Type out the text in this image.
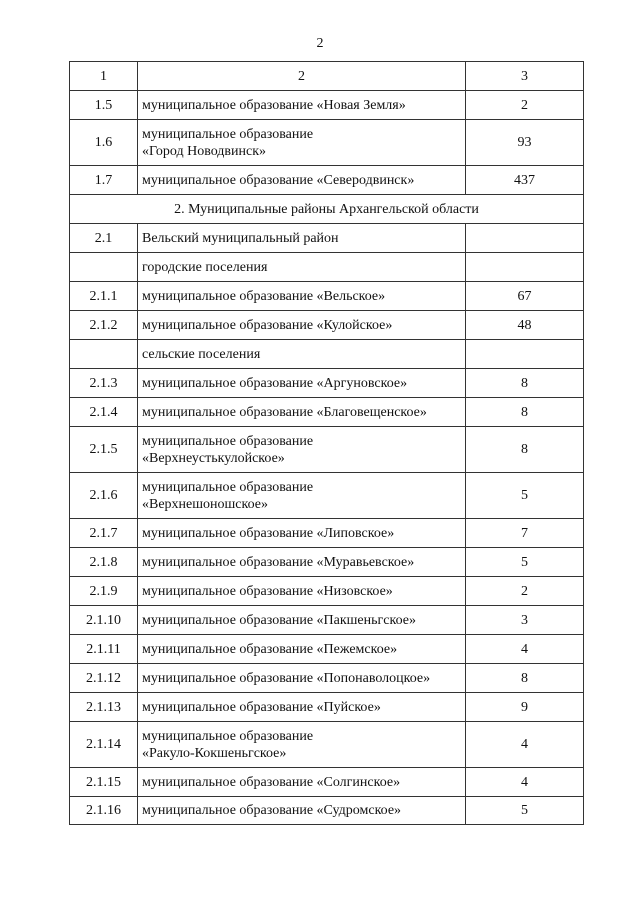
2
1	2	3
1.5	муниципальное образование «Новая Земля»	2
1.6	муниципальное образование
«Город Новодвинск»	93
1.7	муниципальное образование «Северодвинск»	437
2. Муниципальные районы Архангельской области		
2.1	Вельский муниципальный район	
	городские поселения	
2.1.1	муниципальное образование «Вельское»	67
2.1.2	муниципальное образование «Кулойское»	48
	сельские поселения	
2.1.3	муниципальное образование «Аргуновское»	8
2.1.4	муниципальное образование «Благовещенское»	8
2.1.5	муниципальное образование
«Верхнеустькулойское»	8
2.1.6	муниципальное образование
«Верхнешоношское»	5
2.1.7	муниципальное образование «Липовское»	7
2.1.8	муниципальное образование «Муравьевское»	5
2.1.9	муниципальное образование «Низовское»	2
2.1.10	муниципальное образование «Пакшеньгское»	3
2.1.11	муниципальное образование «Пежемское»	4
2.1.12	муниципальное образование «Попонаволоцкое»	8
2.1.13	муниципальное образование «Пуйское»	9
2.1.14	муниципальное образование
«Ракуло-Кокшеньгское»	4
2.1.15	муниципальное образование «Солгинское»	4
2.1.16	муниципальное образование «Судромское»	5
